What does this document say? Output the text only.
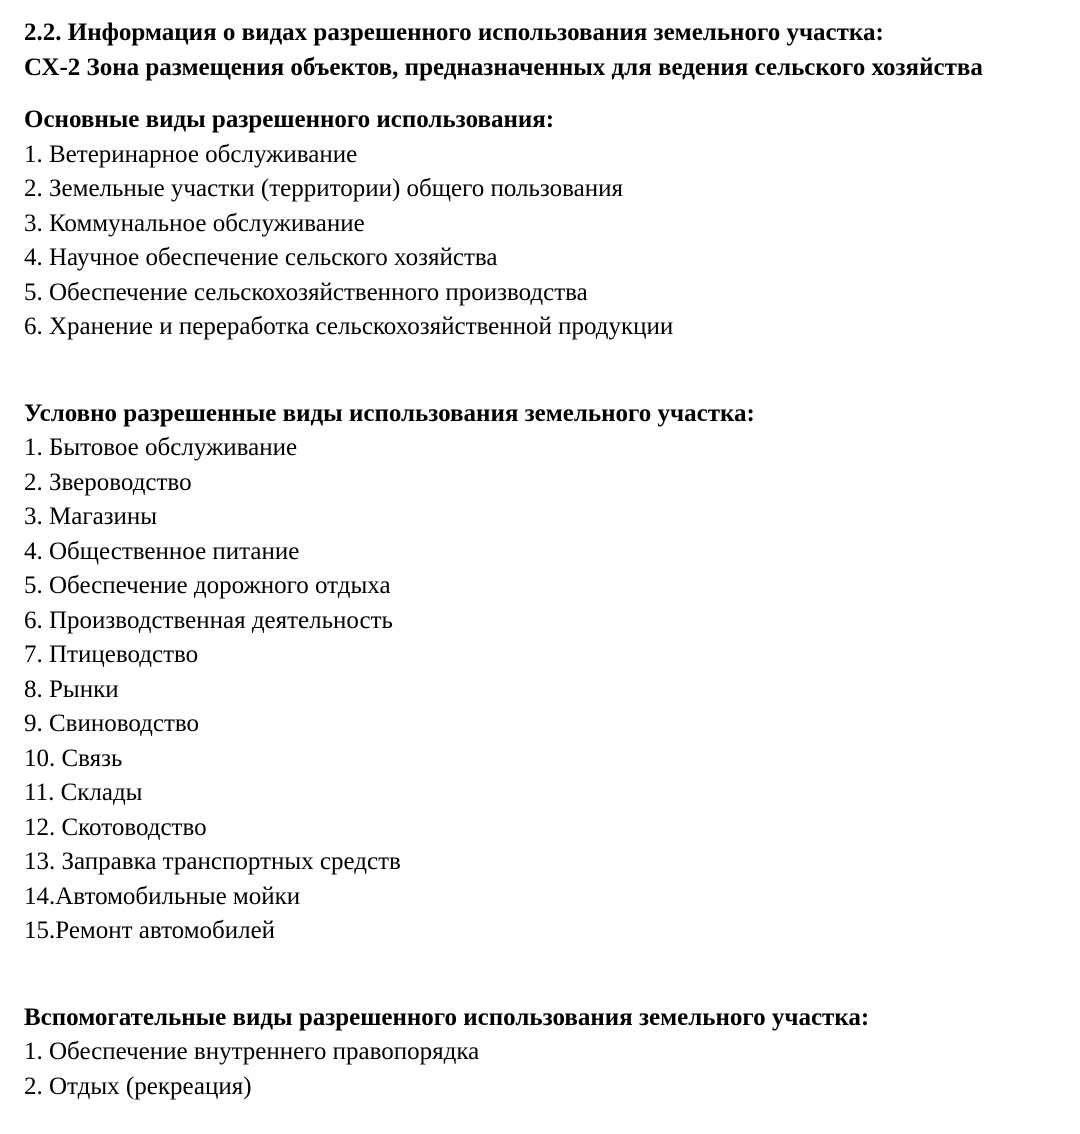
2.2. Информация о видах разрешенного использования земельного участка:
СХ-2 Зона размещения объектов, предназначенных для ведения сельского хозяйства
Основные виды разрешенного использования:
1. Ветеринарное обслуживание
2. Земельные участки (территории) общего пользования
3. Коммунальное обслуживание
4. Научное обеспечение сельского хозяйства
5. Обеспечение сельскохозяйственного производства
6. Хранение и переработка сельскохозяйственной продукции
Условно разрешенные виды использования земельного участка:
1. Бытовое обслуживание
2. Звероводство
3. Магазины
4. Общественное питание
5. Обеспечение дорожного отдыха
6. Производственная деятельность
7. Птицеводство
8. Рынки
9. Свиноводство
10. Связь
11. Склады
12. Скотоводство
13. Заправка транспортных средств
14.Автомобильные мойки
15.Ремонт автомобилей
Вспомогательные виды разрешенного использования земельного участка:
1. Обеспечение внутреннего правопорядка
2. Отдых (рекреация)
